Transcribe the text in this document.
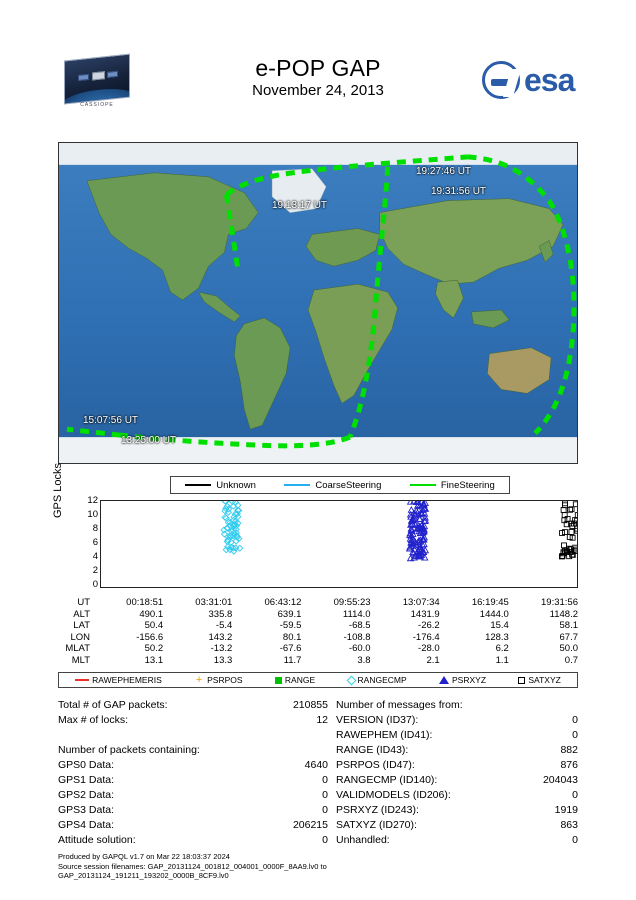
CASSIOPE
e-POP GAP
November 24, 2013	esa
19:13:17 UT
19:27:46 UT
19:31:56 UT
15:07:56 UT
13:25:00 UT
Unknown	CoarseSteering	FineSteering
GPS Locks	12
10
8
6
4
2
0
UT	00:18:51	03:31:01	06:43:12	09:55:23	13:07:34	16:19:45	19:31:56
ALT	490.1	335.8	639.1	1114.0	1431.9	1444.0	1148.2
LAT	50.4	-5.4	-59.5	-68.5	-26.2	15.4	58.1
LON	-156.6	143.2	80.1	-108.8	-176.4	128.3	67.7
MLAT	50.2	-13.2	-67.6	-60.0	-28.0	6.2	50.0
MLT	13.1	13.3	11.7	3.8	2.1	1.1	0.7
RAWEPHEMERIS	+ PSRPOS	RANGE	RANGECMP	PSRXYZ	SATXYZ
Total # of GAP packets:	210855
Max # of locks:	12
Number of packets containing:
GPS0 Data:	4640
GPS1 Data:	0
GPS2 Data:	0
GPS3 Data:	0
GPS4 Data:	206215
Attitude solution:	0
Number of messages from:
VERSION (ID37):	0
RAWEPHEM (ID41):	0
RANGE (ID43):	882
PSRPOS (ID47):	876
RANGECMP (ID140):	204043
VALIDMODELS (ID206):	0
PSRXYZ (ID243):	1919
SATXYZ (ID270):	863
Unhandled:	0
Produced by GAPQL v1.7 on Mar 22 18:03:37 2024
Source session filenames: GAP_20131124_001812_004001_0000F_8AA9.lv0 to
GAP_20131124_191211_193202_0000B_8CF9.lv0
